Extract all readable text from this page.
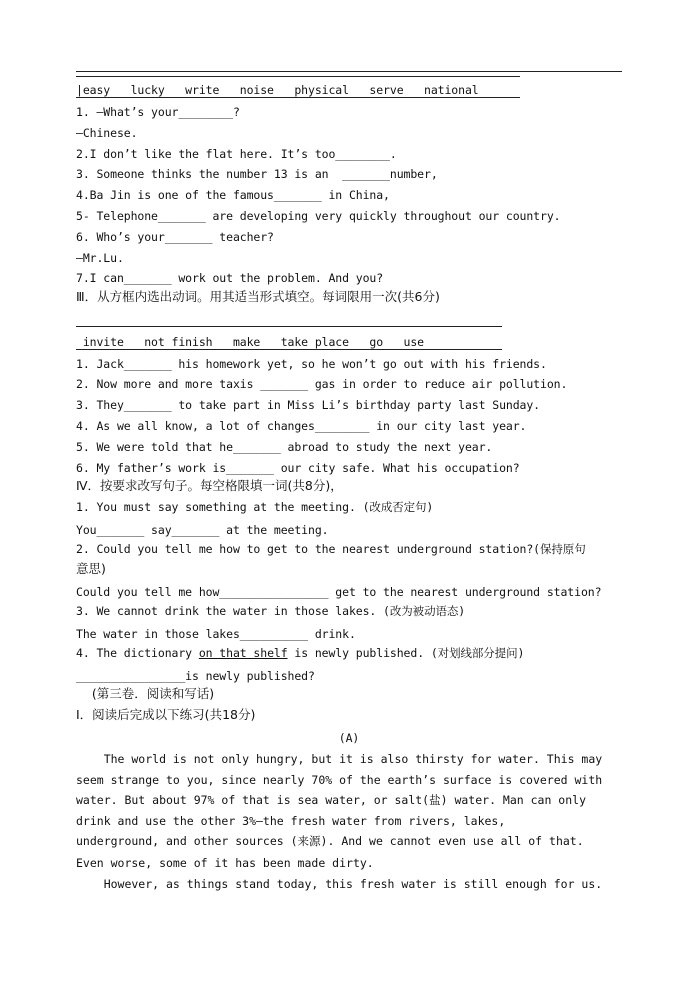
|easy   lucky   write   noise   physical   serve   national
1. —What’s your________?
—Chinese.
2.I don’t like the flat here. It’s too________.
3. Someone thinks the number 13 is an  _______number,
4.Ba Jin is one of the famous_______ in China,
5- Telephone_______ are developing very quickly throughout our country.
6. Who’s your_______ teacher?
—Mr.Lu.
7.I can_______ work out the problem. And you?
Ⅲ．从方框内选出动词。用其适当形式填空。每词限用一次(共6分)
invite   not finish   make   take place   go   use
1. Jack_______ his homework yet, so he won’t go out with his friends.
2. Now more and more taxis _______ gas in order to reduce air pollution.
3. They_______ to take part in Miss Li’s birthday party last Sunday.
4. As we all know, a lot of changes________ in our city last year.
5. We were told that he_______ abroad to study the next year.
6. My father’s work is_______ our city safe. What his occupation?
Ⅳ．按要求改写句子。每空格限填一词(共8分)，
1. You must say something at the meeting. (改成否定句)
You_______ say_______ at the meeting.
2. Could you tell me how to get to the nearest underground station?(保持原句
意思)
Could you tell me how________________ get to the nearest underground station?
3. We cannot drink the water in those lakes. (改为被动语态)
The water in those lakes__________ drink.
4. The dictionary on that shelf is newly published. (对划线部分提问)
________________is newly published?
(第三卷．阅读和写话)
Ⅰ．阅读后完成以下练习(共18分)
(A)
The world is not only hungry, but it is also thirsty for water. This may
seem strange to you, since nearly 70% of the earth’s surface is covered with
water. But about 97% of that is sea water, or salt(盐) water. Man can only
drink and use the other 3%—the fresh water from rivers, lakes,
underground, and other sources (来源). And we cannot even use all of that.
Even worse, some of it has been made dirty.
However, as things stand today, this fresh water is still enough for us.
